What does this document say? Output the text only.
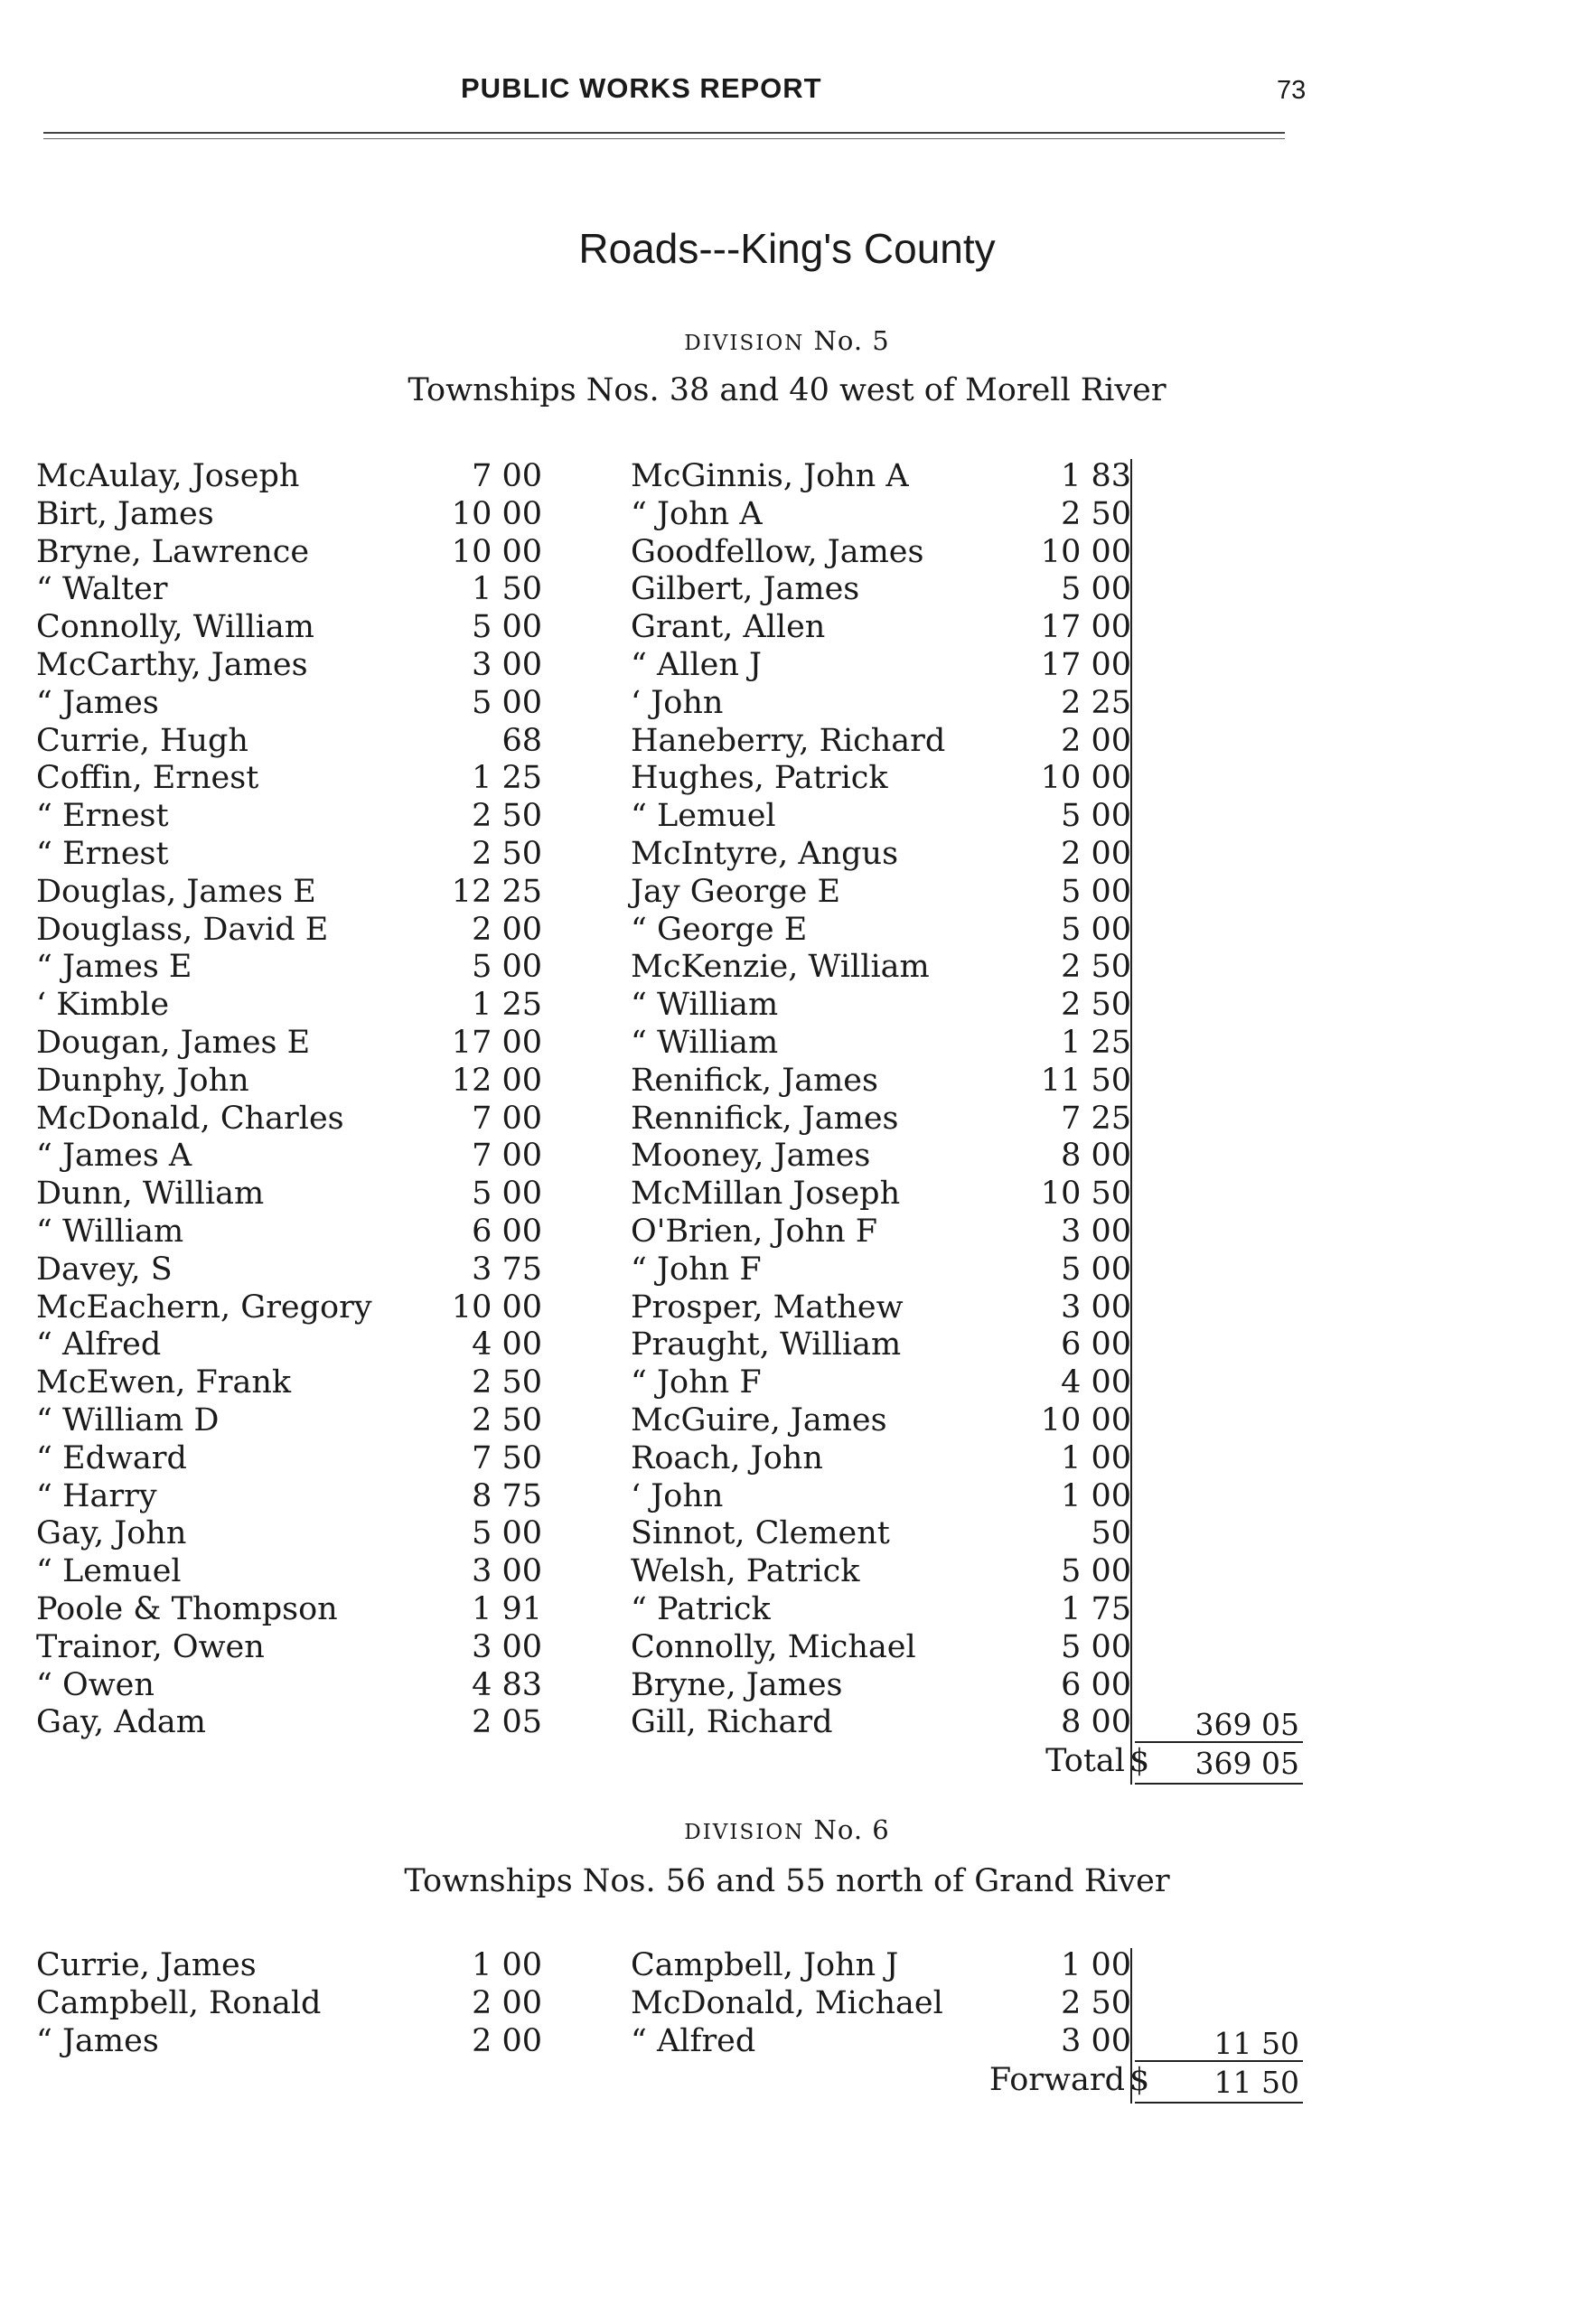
PUBLIC WORKS REPORT	73
Roads---King's County
DIVISION No. 5
Townships Nos. 38 and 40 west of Morell River
McAulay, Joseph	7 00	McGinnis, John A	1 83
Birt, James	10 00	“ John A	2 50
Bryne, Lawrence	10 00	Goodfellow, James	10 00
“ Walter	1 50	Gilbert, James	5 00
Connolly, William	5 00	Grant, Allen	17 00
McCarthy, James	3 00	“ Allen J	17 00
“ James	5 00	‘ John	2 25
Currie, Hugh	68	Haneberry, Richard	2 00
Coffin, Ernest	1 25	Hughes, Patrick	10 00
“ Ernest	2 50	“ Lemuel	5 00
“ Ernest	2 50	McIntyre, Angus	2 00
Douglas, James E	12 25	Jay George E	5 00
Douglass, David E	2 00	“ George E	5 00
“ James E	5 00	McKenzie, William	2 50
‘ Kimble	1 25	“ William	2 50
Dougan, James E	17 00	“ William	1 25
Dunphy, John	12 00	Renifick, James	11 50
McDonald, Charles	7 00	Rennifick, James	7 25
“ James A	7 00	Mooney, James	8 00
Dunn, William	5 00	McMillan Joseph	10 50
“ William	6 00	O'Brien, John F	3 00
Davey, S	3 75	“ John F	5 00
McEachern, Gregory	10 00	Prosper, Mathew	3 00
“ Alfred	4 00	Praught, William	6 00
McEwen, Frank	2 50	“ John F	4 00
“ William D	2 50	McGuire, James	10 00
“ Edward	7 50	Roach, John	1 00
“ Harry	8 75	‘ John	1 00
Gay, John	5 00	Sinnot, Clement	50
“ Lemuel	3 00	Welsh, Patrick	5 00
Poole & Thompson	1 91	“ Patrick	1 75
Trainor, Owen	3 00	Connolly, Michael	5 00
“ Owen	4 83	Bryne, James	6 00
Gay, Adam	2 05	Gill, Richard	8 00	369 05
Total $	369 05
DIVISION No. 6
Townships Nos. 56 and 55 north of Grand River
Currie, James	1 00	Campbell, John J	1 00
Campbell, Ronald	2 00	McDonald, Michael	2 50
“ James	2 00	“ Alfred	3 00	11 50
Forward $	11 50
